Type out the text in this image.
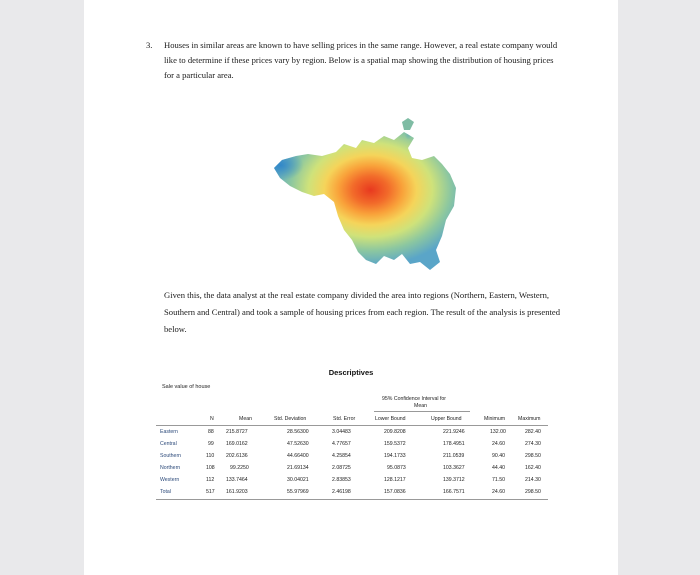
3. Houses in similar areas are known to have selling prices in the same range. However, a real estate company would like to determine if these prices vary by region. Below is a spatial map showing the distribution of housing prices for a particular area.
Given this, the data analyst at the real estate company divided the area into regions (Northern, Eastern, Western, Southern and Central) and took a sample of housing prices from each region. The result of the analysis is presented below.
Descriptives
Sale value of house
95% Confidence Interval for
Mean
N	Mean	Std. Deviation	Std. Error	Lower Bound	Upper Bound	Minimum Maximum
Eastern	88 215.8727	28.56300	3.04483	209.8208	221.9246	132.00	282.40
Central	99 169.0162	47.52630	4.77657	159.5372	178.4951	24.60	274.30
Southern	110 202.6136	44.66400	4.25854	194.1733	211.0539	90.40	298.50
Northern	108	99.2250	21.69134	2.08725	95.0873	103.3627	44.40	162.40
Western	112 133.7464	30.04021	2.83853	128.1217	139.3712	71.50	214.30
Total	517 161.9203	55.97969	2.46198	157.0836	166.7571	24.60	298.50
